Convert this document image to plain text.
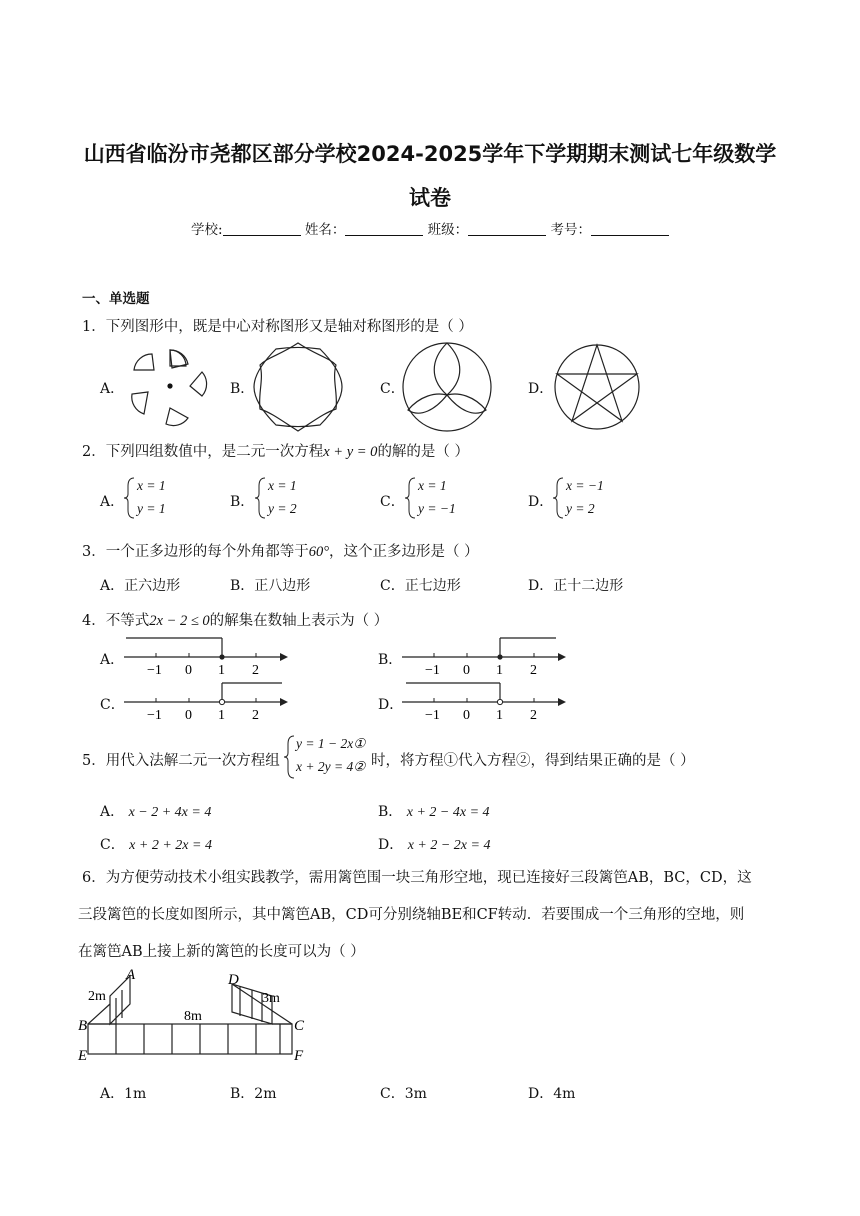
山西省临汾市尧都区部分学校2024-2025学年下学期期末测试七年级数学
试卷
学校:	姓名：	班级：	考号：
一、单选题
1．下列图形中，既是中心对称图形又是轴对称图形的是（ ）
A．	B．	C．	D．
2．下列四组数值中，是二元一次方程x + y = 0的解的是（ ）
A．	B．	C．	D．
x = 1
y = 1
x = 1
y = 2
x = 1
y = −1
x = −1
y = 2
3．一个正多边形的每个外角都等于60°，这个正多边形是（ ）
A．正六边形	B．正八边形	C．正七边形	D．正十二边形
4．不等式2x − 2 ≤ 0的解集在数轴上表示为（ ）
A．	B．
C．	D．
−1 0 1 2	−1 0 1 2
−1 0 1 2	−1 0 1 2
5．用代入法解二元一次方程组
y = 1 − 2x①
x + 2y = 4② 时，将方程①代入方程②，得到结果正确的是（ ）
A． x − 2 + 4x = 4	B． x + 2 − 4x = 4
C． x + 2 + 2x = 4	D． x + 2 − 2x = 4
6．为方便劳动技术小组实践教学，需用篱笆围一块三角形空地，现已连接好三段篱笆AB，BC，CD，这
三段篱笆的长度如图所示，其中篱笆AB，CD可分别绕轴BE和CF转动．若要围成一个三角形的空地，则
在篱笆AB上接上新的篱笆的长度可以为（ ）
A
B
E
D
C
F
2m
8m
3m
A．1m	B．2m	C．3m	D．4m
